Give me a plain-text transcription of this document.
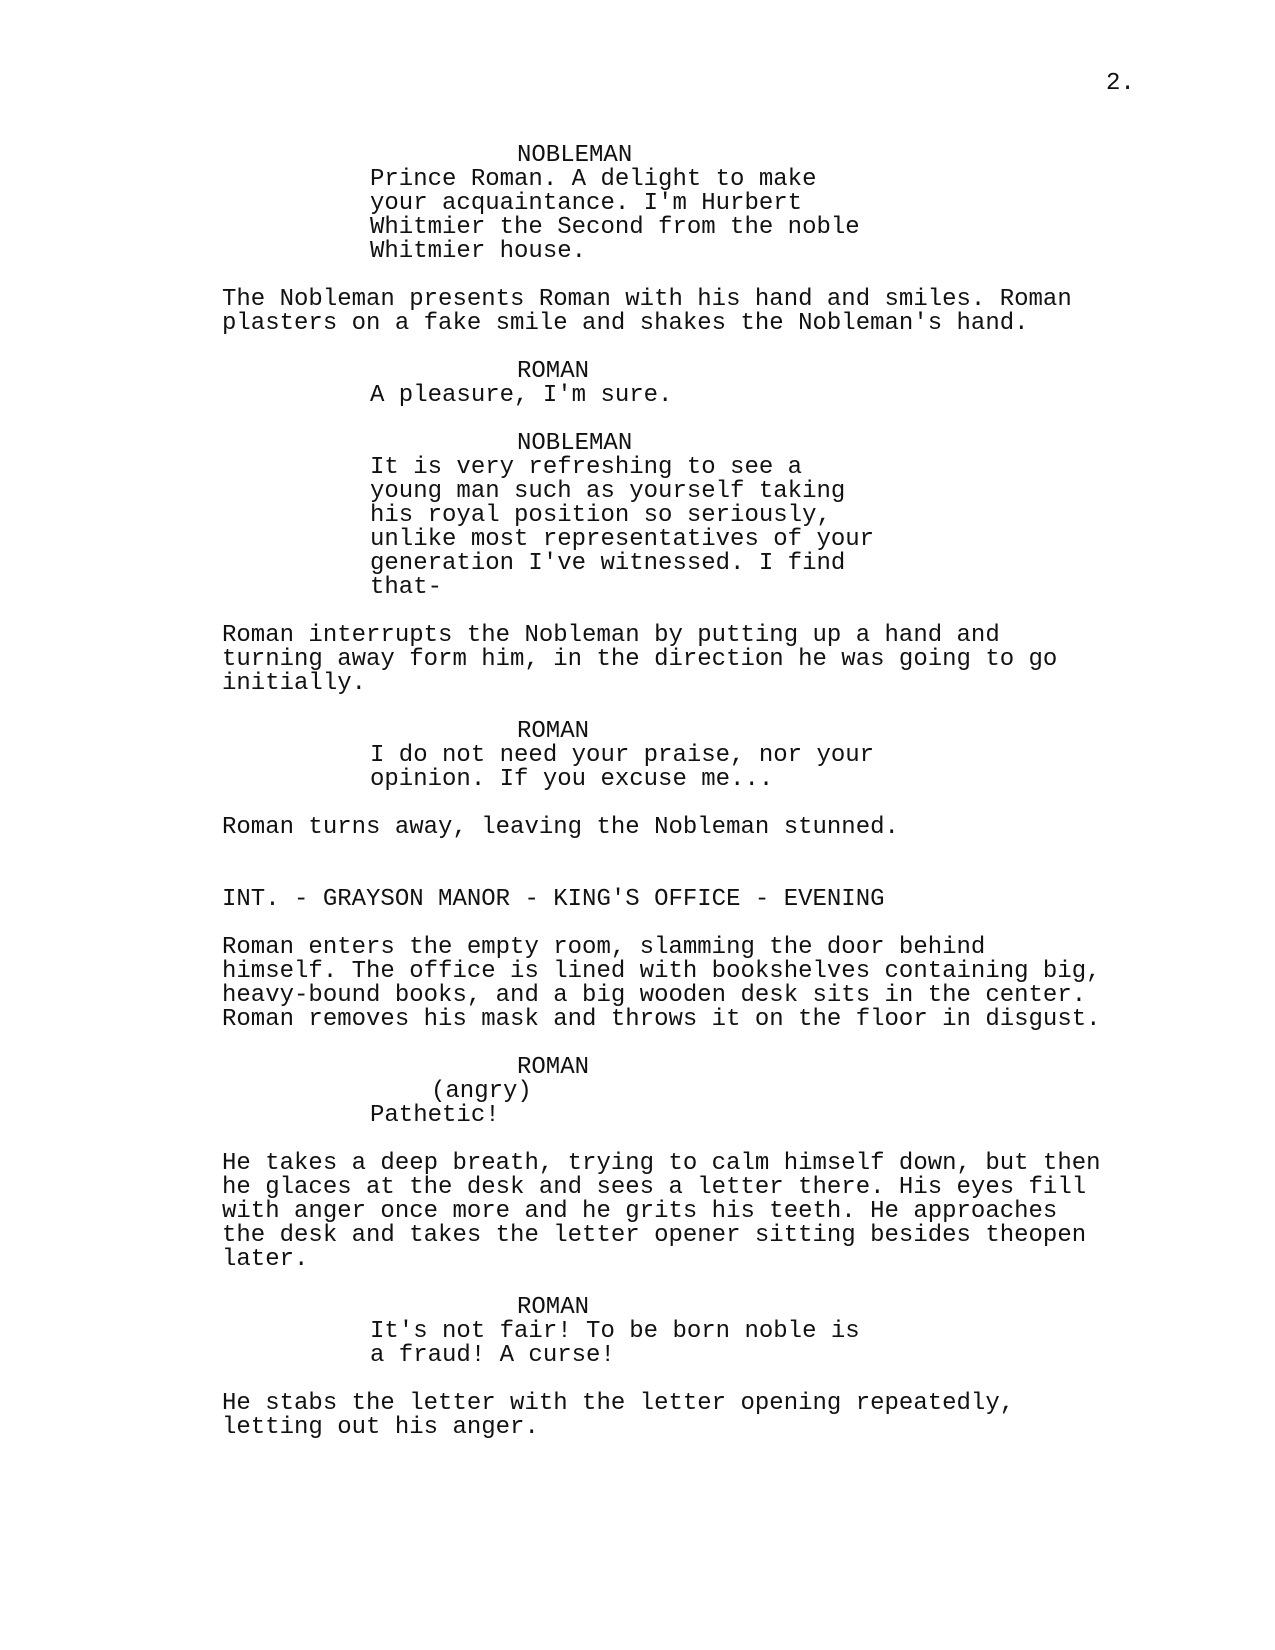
2.
NOBLEMAN
Prince Roman. A delight to make
your acquaintance. I'm Hurbert
Whitmier the Second from the noble
Whitmier house.
The Nobleman presents Roman with his hand and smiles. Roman
plasters on a fake smile and shakes the Nobleman's hand.
ROMAN
A pleasure, I'm sure.
NOBLEMAN
It is very refreshing to see a
young man such as yourself taking
his royal position so seriously,
unlike most representatives of your
generation I've witnessed. I find
that-
Roman interrupts the Nobleman by putting up a hand and
turning away form him, in the direction he was going to go
initially.
ROMAN
I do not need your praise, nor your
opinion. If you excuse me...
Roman turns away, leaving the Nobleman stunned.
INT. - GRAYSON MANOR - KING'S OFFICE - EVENING
Roman enters the empty room, slamming the door behind
himself. The office is lined with bookshelves containing big,
heavy-bound books, and a big wooden desk sits in the center.
Roman removes his mask and throws it on the floor in disgust.
ROMAN
(angry)
Pathetic!
He takes a deep breath, trying to calm himself down, but then
he glaces at the desk and sees a letter there. His eyes fill
with anger once more and he grits his teeth. He approaches
the desk and takes the letter opener sitting besides theopen
later.
ROMAN
It's not fair! To be born noble is
a fraud! A curse!
He stabs the letter with the letter opening repeatedly,
letting out his anger.
